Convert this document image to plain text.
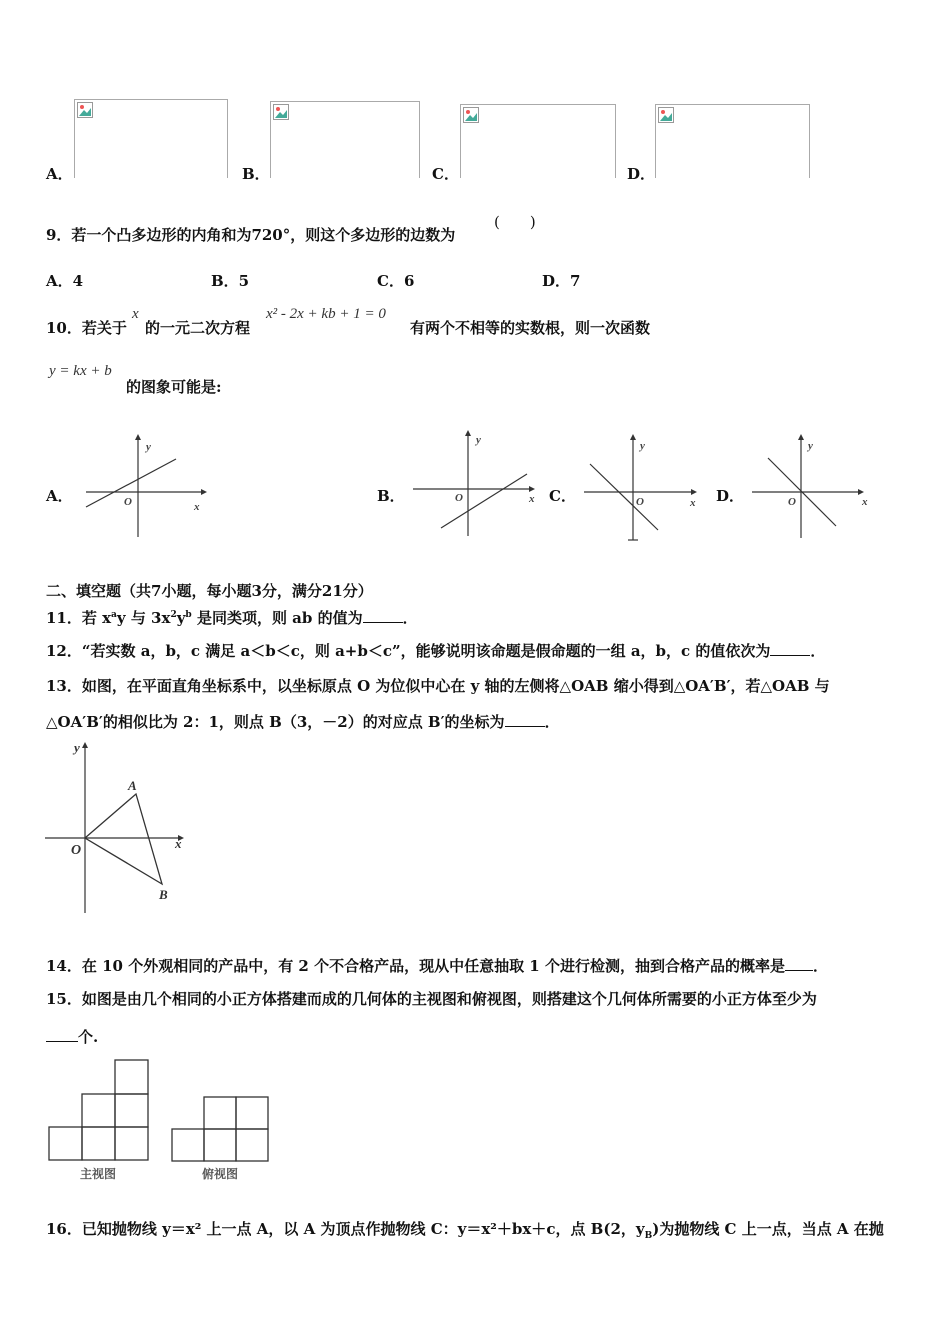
A．	B．	C．	D．
9．若一个凸多边形的内角和为720°，则这个多边形的边数为
(　　)
A．4	B．5	C．6	D．7
10．若关于
x
的一元二次方程
x² - 2x + kb + 1 = 0
有两个不相等的实数根，则一次函数
y = kx + b
的图象可能是:
A．
y
x
O	B．
y
x
O	C．
y
x
O	D．
y
x
O
二、填空题（共7小题，每小题3分，满分21分）
11．若 $x^ay$ 与 $3x^2y^b$ 是同类项，则 ab 的值为	．
12．“若实数 a，b，c 满足 a＜b＜c，则 a+b＜c”，能够说明该命题是假命题的一组 a，b，c 的值依次为	．
13．如图，在平面直角坐标系中，以坐标原点 O 为位似中心在 y 轴的左侧将△OAB 缩小得到△OA′B′，若△OAB 与
△OA′B′的相似比为 2：1，则点 B（3，－2）的对应点 B′的坐标为	．
y
x
O
A
B
14．在 10 个外观相同的产品中，有 2 个不合格产品，现从中任意抽取 1 个进行检测，抽到合格产品的概率是 ．
15．如图是由几个相同的小正方体搭建而成的几何体的主视图和俯视图，则搭建这个几何体所需要的小正方体至少为
个.
主视图	俯视图
16．已知抛物线 y＝x² 上一点 A，以 A 为顶点作抛物线 C：y＝x²＋bx＋c，点 B(2，$y_B$)为抛物线 C 上一点，当点 A 在抛
